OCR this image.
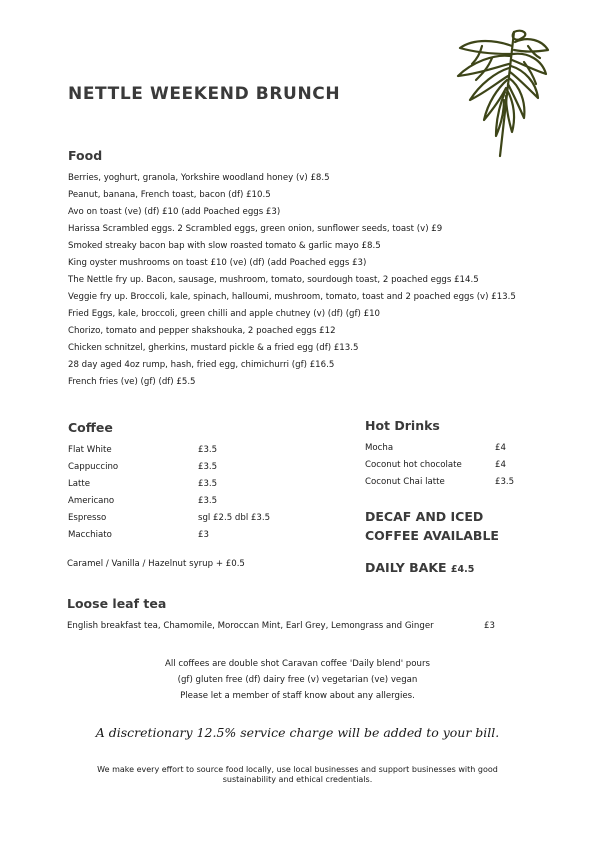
NETTLE WEEKEND BRUNCH
Food
Berries, yoghurt, granola, Yorkshire woodland honey (v) £8.5
Peanut, banana, French toast, bacon (df) £10.5
Avo on toast (ve) (df) £10 (add Poached eggs £3)
Harissa Scrambled eggs. 2 Scrambled eggs, green onion, sunflower seeds, toast (v) £9
Smoked streaky bacon bap with slow roasted tomato & garlic mayo £8.5
King oyster mushrooms on toast £10 (ve) (df) (add Poached eggs £3)
The Nettle fry up. Bacon, sausage, mushroom, tomato, sourdough toast, 2 poached eggs £14.5
Veggie fry up. Broccoli, kale, spinach, halloumi, mushroom, tomato, toast and 2 poached eggs (v) £13.5
Fried Eggs, kale, broccoli, green chilli and apple chutney (v) (df) (gf) £10
Chorizo, tomato and pepper shakshouka, 2 poached eggs £12
Chicken schnitzel, gherkins, mustard pickle & a fried egg (df) £13.5
28 day aged 4oz rump, hash, fried egg, chimichurri (gf) £16.5
French fries (ve) (gf) (df) £5.5
Coffee
Flat White	£3.5
Cappuccino	£3.5
Latte	£3.5
Americano	£3.5
Espresso	sgl £2.5 dbl £3.5
Macchiato	£3
Caramel / Vanilla / Hazelnut syrup + £0.5
Hot Drinks
Mocha	£4
Coconut hot chocolate	£4
Coconut Chai latte	£3.5
DECAF AND ICED
COFFEE AVAILABLE
DAILY BAKE £4.5
Loose leaf tea
English breakfast tea, Chamomile, Moroccan Mint, Earl Grey, Lemongrass and Ginger	£3
All coffees are double shot Caravan coffee 'Daily blend' pours
(gf) gluten free (df) dairy free (v) vegetarian (ve) vegan
Please let a member of staff know about any allergies.
A discretionary 12.5% service charge will be added to your bill.
We make every effort to source food locally, use local businesses and support businesses with good
sustainability and ethical credentials.
